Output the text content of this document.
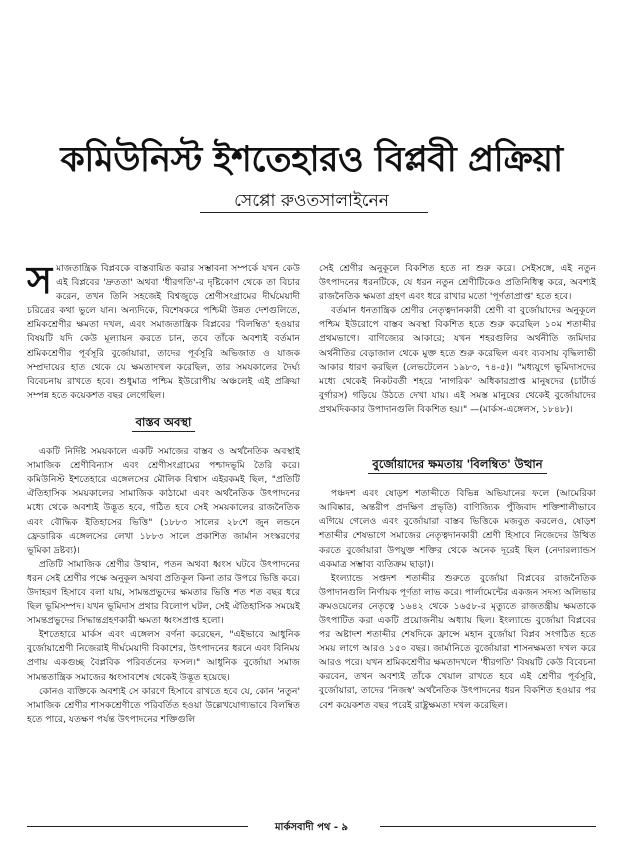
কমিউনিস্ট ইশতেহারও বিপ্লবী প্রক্রিয়া
সেপ্পো রুওতসালাইনেন

সমাজতান্ত্রিক বিপ্লবকে বাস্তবায়িত করার সম্ভাবনা সম্পর্কে যখন কেউ এই বিপ্লবের 'দ্রুততা' অথবা 'ধীরগতি'-র দৃষ্টিকোণ থেকে তা বিচার করেন, তখন তিনি সহজেই বিশ্বজুড়ে শ্রেণীসংগ্রামের দীর্ঘমেয়াদী চরিত্রের কথা ভুলে যান। অন্যদিকে, বিশেষকরে পশ্চিমী উন্নত দেশগুলিতে, শ্রমিকশ্রেণীর ক্ষমতা দখল, এবং সমাজতান্ত্রিক বিপ্লবের 'বিলম্বিত' হওয়ার বিষয়টি যদি কেউ মূল্যায়ন করতে চান, তবে তাঁকে অবশ্যই বর্তমান শ্রমিকশ্রেণীর পূর্বসূরি বুর্জোয়ারা, তাদের পূর্বসূরি অভিজাত ও যাজক সম্প্রদায়ের হাত থেকে যে ক্ষমতাদখল করেছিল, তার সমযকালের দৈর্ঘ্য বিবেচনায় রাখতে হবে। শুধুমাত্র পশ্চিম ইউরোপীয় অঞ্চলেই এই প্রক্রিয়া সম্পন্ন হতে কয়েকশত বছর লেগেছিল।

বাস্তব অবস্থা

একটি নির্দিষ্ট সময়কালে একটি সমাজের বাস্তব ও অর্থনৈতিক অবস্থাই সামাজিক শ্রেণীবিন্যাস এবং শ্রেণীসংগ্রামের পশ্চাদভূমি তৈরি করে। কমিউনিস্ট ইশতেহারে এঙ্গেলসের মৌলিক বিশ্বাস এইরকমই ছিল, "প্রতিটি ঐতিহাসিক সময়কালের সামাজিক কাঠামো এবং অর্থনৈতিক উৎপাদনের মধ্যে থেকে অবশ্যই উদ্ভূত হবে, গঠিত হবে সেই সময়কালের রাজনৈতিক এবং বৌদ্ধিক ইতিহাসের ভিত্তি" (১৮৮৩ সালের ২৮শে জুন লন্ডনে ফ্রেডারিক এঙ্গেলসের লেখা ১৮৮৩ সালে প্রকাশিত জার্মান সংস্করণের ভূমিকা দ্রষ্টব্য)।

প্রতিটি সামাজিক শ্রেণীর উত্থান, পতন অথবা ধ্বংস ঘটবে উৎপাদনের ধরন সেই শ্রেণীর পক্ষে অনুকূল অথবা প্রতিকূল কিনা তার উপরে ভিত্তি করে। উদাহরণ হিসাবে বলা যায়, সামন্তপ্রভুদের ক্ষমতার ভিত্তি শত শত বছর ধরে ছিল ভূমিসম্পদ। যখন ভূমিদাস প্রথার বিলোপ ঘটল, সেই ঐতিহাসিক সময়েই সামন্তপ্রভুদের সিদ্ধান্তগ্রহণকারী ক্ষমতা ধ্বংসপ্রাপ্ত হলো।

ইশতেহারে মার্কস এবং এঙ্গেলস বর্ণনা করেছেন, "এইভাবে আধুনিক বুর্জোয়াশ্রেণী নিজেরাই দীর্ঘমেয়াদী বিকাশের, উৎপাদনের ধরনে এবং বিনিময় প্রণায় একগুচ্ছ বৈপ্লবিক পরিবর্তনের ফসল।" আধুনিক বুর্জোয়া সমাজ সামন্ততান্ত্রিক সমাজের ধ্বংসাবশেষ থেকেই উদ্ভূত হয়েছে।

কোনও ব্যক্তিকে অবশ্যই সে কারণে হিসাবে রাখতে হবে যে, কোন 'নতুন' সামাজিক শ্রেণীর শাসকশ্রেণীতে পরিবর্তিত হওয়া উল্লেখযোগ্যভাবে বিলম্বিত হতে পারে, যতক্ষণ পর্যন্ত উৎপাদনের শক্তিগুলি

সেই শ্রেণীর অনুকূলে বিকশিত হতে না শুরু করে। সেইসঙ্গে, এই নতুন উৎপাদনের ধরনটিকে, যে ধরন নতুন শ্রেণীটিকেও প্রতিনিধিত্ব করে, অবশ্যই রাজনৈতিক ক্ষমতা গ্রহণ এবং ধরে রাখার মতো 'পূর্ণতাপ্রাপ্ত' হতে হবে।

বর্তমান ধনতান্ত্রিক শ্রেণীর নেতৃত্বদানকারী শ্রেণী বা বুর্জোয়াদের অনুকূলে পশ্চিম ইউরোপে বাস্তব অবস্থা বিকশিত হতে শুরু করেছিল ১০ম শতাব্দীর প্রথমভাগে। বাণিজ্যের আকারে; যখন শহরগুলির অর্থনীতি জমিদার অর্থনীতির বেড়াজাল থেকে মুক্ত হতে শুরু করেছিল এবং ব্যবসায় বৃদ্ধিলাভী আকার ধারণ করছিল (লেভটেলেন ১৯৮৩, ৭৪-৫)। "মধ্যযুগে ভূমিদাসদের মধ্যে থেকেই নিকটবর্তী শহরে 'নাগরিক' অধিকারপ্রাপ্ত মানুষদের (চার্টার্ড বুর্গারস) গড়িয়ে উঠতে দেখা যায়। এই সমস্ত মানুষের থেকেই বুর্জোয়াদের প্রথমদিককার উপাদানগুলি বিকশিত হয়।" —(মার্কস-এঙ্গেলস, ১৮৪৮)।

বুর্জোয়াদের ক্ষমতায় 'বিলম্বিত' উত্থান

পঞ্চদশ এবং ষোড়শ শতাব্দীতে বিভিন্ন অভিযানের ফলে (আমেরিকা আবিষ্কার, অন্তরীপ প্রদক্ষিণ প্রভৃতি) বাণিজ্যিক পুঁজিবাদ শক্তিশালীভাবে এগিয়ে গেলেও এবং বুর্জোয়ারা বাস্তব ভিত্তিকে মজবুত করলেও, ষোড়শ শতাব্দীর শেষভাগে সমাজের নেতৃত্বদানকারী শ্রেণী হিসাবে নিজেদের উত্থিত করতে বুর্জোয়ারা উপযুক্ত শক্তির থেকে অনেক দূরেই ছিল (নেদারল্যান্ডস একমাত্র সম্ভাব্য ব্যতিক্রম ছাড়া)।

ইংল্যান্ডে সপ্তদশ শতাব্দীর শুরুতে বুর্জোয়া বিপ্লবের রাজনৈতিক উপাদানগুলি নির্ণায়ক পূর্ণতা লাভ করে। পার্লামেন্টের একজন সদস্য অলিভার ক্রমওয়েলের নেতৃত্বে ১৬৪২ থেকে ১৬৫৮-র মৃত্যুতে রাজতন্ত্রীয় ক্ষমতাকে উৎপাটিত করা একটি প্রয়োজনীয় অধ্যায় ছিল। ইংল্যান্ডে বুর্জোয়া বিপ্লবের পর অষ্টাদশ শতাব্দীর শেষদিকে ফ্রান্সে মহান বুর্জোয়া বিপ্লব সংগঠিত হতে সময় লাগে আরও ১৫০ বছর। জার্মানিতে বুর্জোয়ারা শাসনক্ষমতা দখল করে আরও পরে। যখন শ্রমিকশ্রেণীর ক্ষমতাদখলে 'ধীরগতি' বিষয়টি কেউ বিবেচনা করবেন, তখন অবশ্যই তাঁকে খেয়াল রাখতে হবে এই শ্রেণীর পূর্বসূরি, বুর্জোয়ারা, তাদের 'নিজস্ব' অর্থনৈতিক উৎপাদনের ধরন বিকশিত হওয়ার পর বেশ কয়েকশত বছর পরেই রাষ্ট্রক্ষমতা দখল করেছিল।

মার্কসবাদী পথ - ৯
